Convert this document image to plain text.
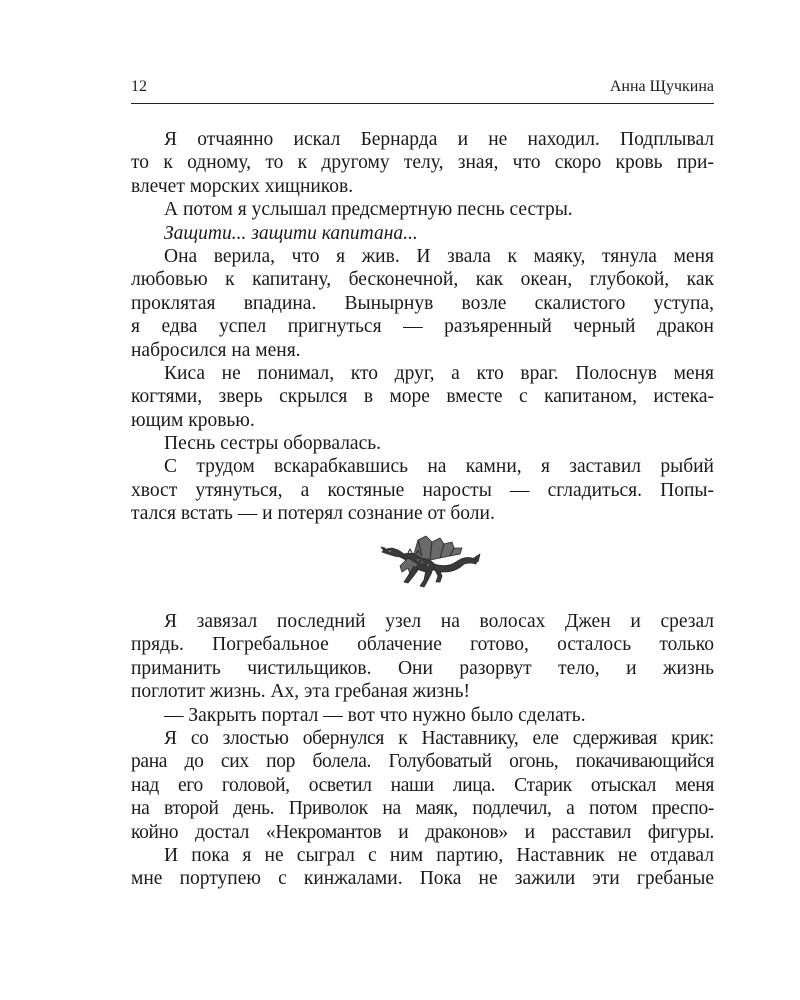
12	Анна Щучкина
Я отчаянно искал Бернарда и не находил. Подплывал
то к одному, то к другому телу, зная, что скоро кровь при-
влечет морских хищников.
А потом я услышал предсмертную песнь сестры.
Защити... защити капитана...
Она верила, что я жив. И звала к маяку, тянула меня
любовью к капитану, бесконечной, как океан, глубокой, как
проклятая впадина. Вынырнув возле скалистого уступа,
я едва успел пригнуться — разъяренный черный дракон
набросился на меня.
Киса не понимал, кто друг, а кто враг. Полоснув меня
когтями, зверь скрылся в море вместе с капитаном, истека-
ющим кровью.
Песнь сестры оборвалась.
С трудом вскарабкавшись на камни, я заставил рыбий
хвост утянуться, а костяные наросты — сгладиться. Попы-
тался встать — и потерял сознание от боли.
Я завязал последний узел на волосах Джен и срезал
прядь. Погребальное облачение готово, осталось только
приманить чистильщиков. Они разорвут тело, и жизнь
поглотит жизнь. Ах, эта гребаная жизнь!
— Закрыть портал — вот что нужно было сделать.
Я со злостью обернулся к Наставнику, еле сдерживая крик:
рана до сих пор болела. Голубоватый огонь, покачивающийся
над его головой, осветил наши лица. Старик отыскал меня
на второй день. Приволок на маяк, подлечил, а потом преспо-
койно достал «Некромантов и драконов» и расставил фигуры.
И пока я не сыграл с ним партию, Наставник не отдавал
мне портупею с кинжалами. Пока не зажили эти гребаные
